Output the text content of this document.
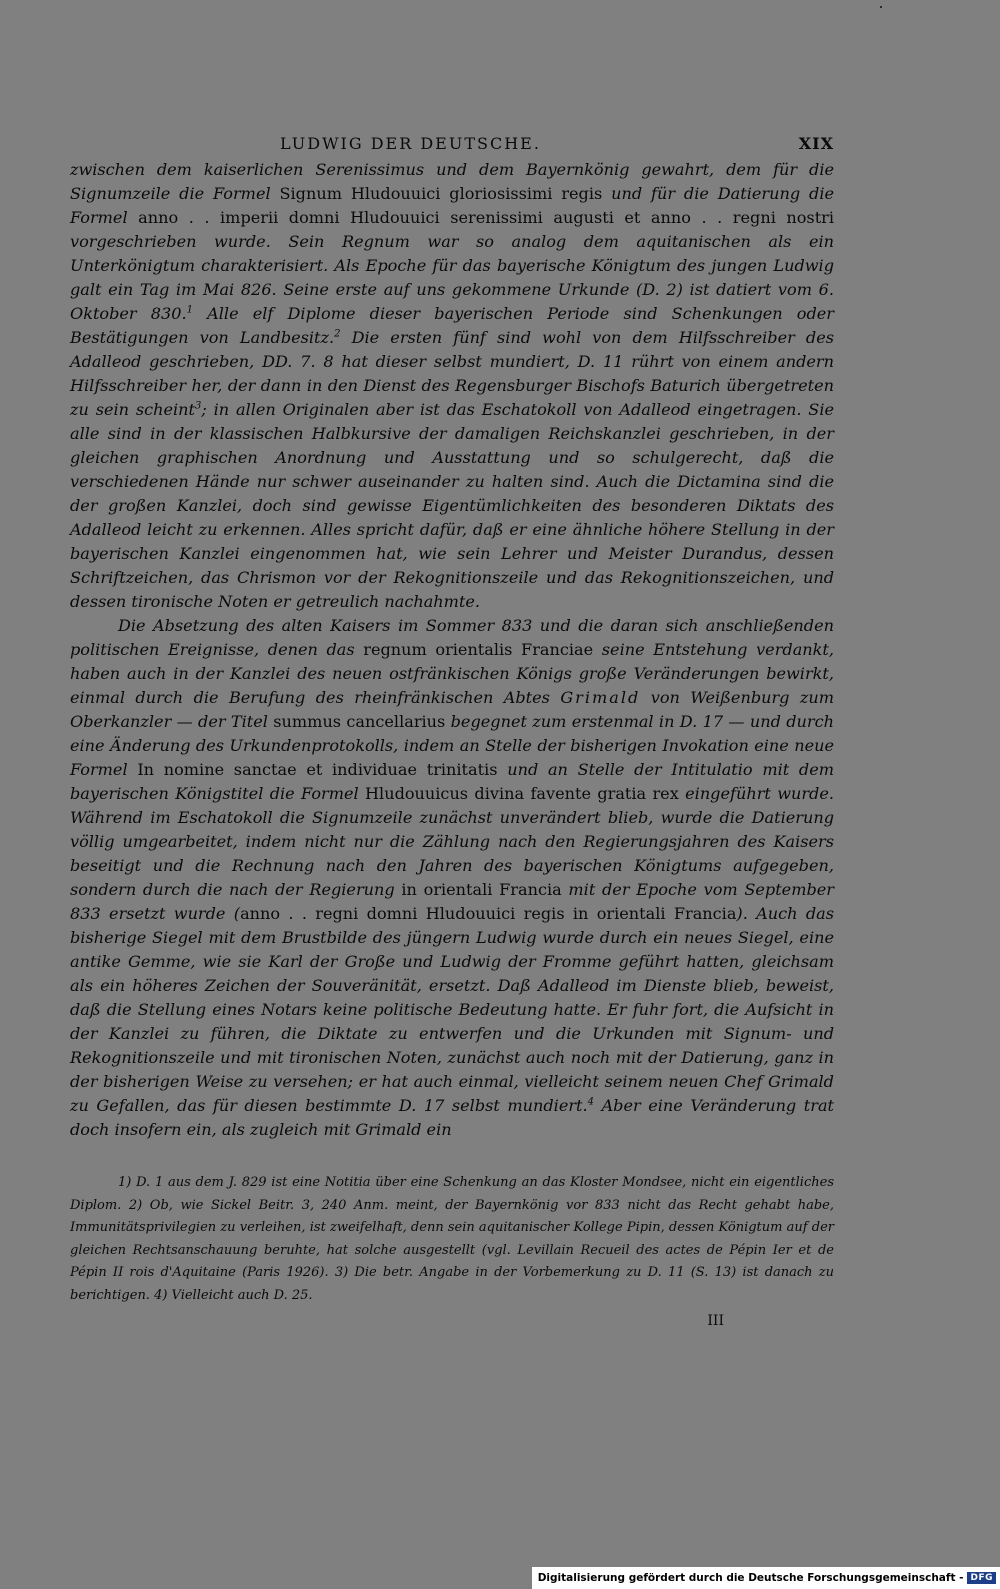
LUDWIG DER DEUTSCHE.	XIX

zwischen dem kaiserlichen Serenissimus und dem Bayernkönig gewahrt, dem für die Signumzeile die Formel Signum Hludouuici gloriosissimi regis und für die Datierung die Formel anno . . imperii domni Hludouuici serenissimi augusti et anno . . regni nostri vorgeschrieben wurde. Sein Regnum war so analog dem aquitanischen als ein Unterkönigtum charakterisiert. Als Epoche für das bayerische Königtum des jungen Ludwig galt ein Tag im Mai 826. Seine erste auf uns gekommene Urkunde (D. 2) ist datiert vom 6. Oktober 830.$^1$ Alle elf Diplome dieser bayerischen Periode sind Schenkungen oder Bestätigungen von Landbesitz.$^2$ Die ersten fünf sind wohl von dem Hilfsschreiber des Adalleod geschrieben, DD. 7. 8 hat dieser selbst mundiert, D. 11 rührt von einem andern Hilfsschreiber her, der dann in den Dienst des Regensburger Bischofs Baturich übergetreten zu sein scheint$^3$; in allen Originalen aber ist das Eschatokoll von Adalleod eingetragen. Sie alle sind in der klassischen Halbkursive der damaligen Reichskanzlei geschrieben, in der gleichen graphischen Anordnung und Ausstattung und so schulgerecht, daß die verschiedenen Hände nur schwer auseinander zu halten sind. Auch die Dictamina sind die der großen Kanzlei, doch sind gewisse Eigentümlichkeiten des besonderen Diktats des Adalleod leicht zu erkennen. Alles spricht dafür, daß er eine ähnliche höhere Stellung in der bayerischen Kanzlei eingenommen hat, wie sein Lehrer und Meister Durandus, dessen Schriftzeichen, das Chrismon vor der Rekognitionszeile und das Rekognitionszeichen, und dessen tironische Noten er getreulich nachahmte.

Die Absetzung des alten Kaisers im Sommer 833 und die daran sich anschließenden politischen Ereignisse, denen das regnum orientalis Franciae seine Entstehung verdankt, haben auch in der Kanzlei des neuen ostfränkischen Königs große Veränderungen bewirkt, einmal durch die Berufung des rheinfränkischen Abtes Grimald von Weißenburg zum Oberkanzler — der Titel summus cancellarius begegnet zum erstenmal in D. 17 — und durch eine Änderung des Urkundenprotokolls, indem an Stelle der bisherigen Invokation eine neue Formel In nomine sanctae et individuae trinitatis und an Stelle der Intitulatio mit dem bayerischen Königstitel die Formel Hludouuicus divina favente gratia rex eingeführt wurde. Während im Eschatokoll die Signumzeile zunächst unverändert blieb, wurde die Datierung völlig umgearbeitet, indem nicht nur die Zählung nach den Regierungsjahren des Kaisers beseitigt und die Rechnung nach den Jahren des bayerischen Königtums aufgegeben, sondern durch die nach der Regierung in orientali Francia mit der Epoche vom September 833 ersetzt wurde (anno . . regni domni Hludouuici regis in orientali Francia). Auch das bisherige Siegel mit dem Brustbilde des jüngern Ludwig wurde durch ein neues Siegel, eine antike Gemme, wie sie Karl der Große und Ludwig der Fromme geführt hatten, gleichsam als ein höheres Zeichen der Souveränität, ersetzt. Daß Adalleod im Dienste blieb, beweist, daß die Stellung eines Notars keine politische Bedeutung hatte. Er fuhr fort, die Aufsicht in der Kanzlei zu führen, die Diktate zu entwerfen und die Urkunden mit Signum- und Rekognitionszeile und mit tironischen Noten, zunächst auch noch mit der Datierung, ganz in der bisherigen Weise zu versehen; er hat auch einmal, vielleicht seinem neuen Chef Grimald zu Gefallen, das für diesen bestimmte D. 17 selbst mundiert.$^4$ Aber eine Veränderung trat doch insofern ein, als zugleich mit Grimald ein

1) D. 1 aus dem J. 829 ist eine Notitia über eine Schenkung an das Kloster Mondsee, nicht ein eigentliches Diplom. 2) Ob, wie Sickel Beitr. 3, 240 Anm. meint, der Bayernkönig vor 833 nicht das Recht gehabt habe, Immunitätsprivilegien zu verleihen, ist zweifelhaft, denn sein aquitanischer Kollege Pipin, dessen Königtum auf der gleichen Rechtsanschauung beruhte, hat solche ausgestellt (vgl. Levillain Recueil des actes de Pépin Ier et de Pépin II rois d'Aquitaine (Paris 1926). 3) Die betr. Angabe in der Vorbemerkung zu D. 11 (S. 13) ist danach zu berichtigen. 4) Vielleicht auch D. 25.

III
Digitalisierung gefördert durch die Deutsche Forschungsgemeinschaft - DFG
